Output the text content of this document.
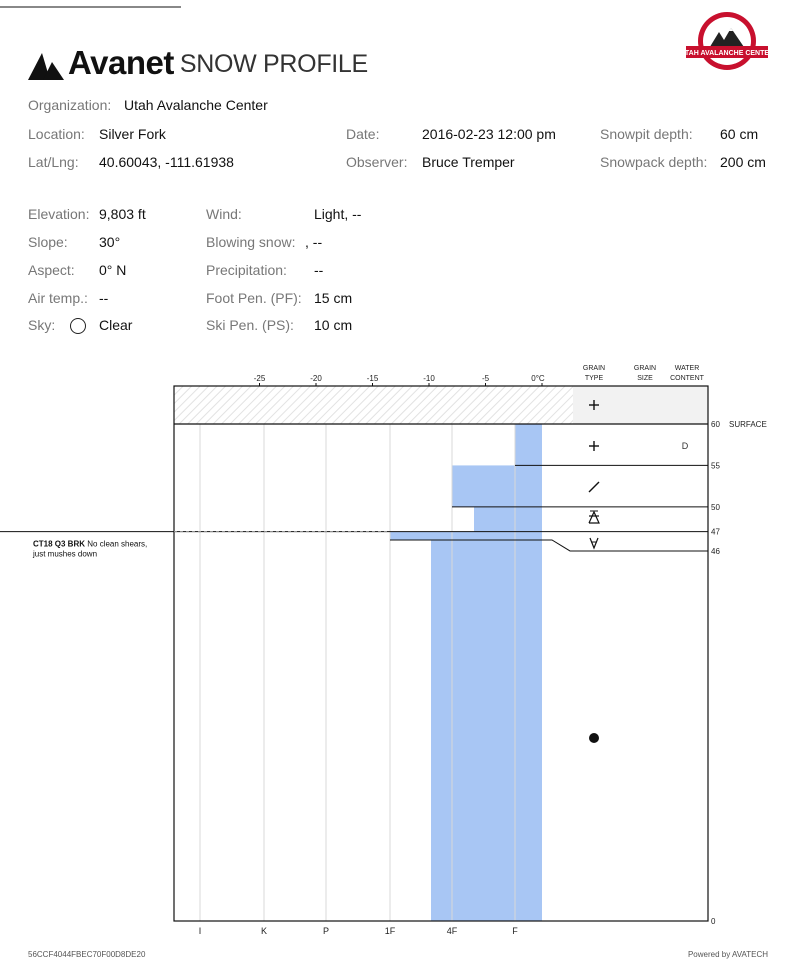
Avanet SNOW PROFILE	UTAH AVALANCHE CENTER
Organization: Utah Avalanche Center
Location: Silver Fork	Date:	2016-02-23 12:00 pm	Snowpit depth: 60 cm
Lat/Lng: 40.60043, -111.61938	Observer: Bruce Tremper	Snowpack depth: 200 cm
Elevation: 9,803 ft
Slope: 30°
Aspect: 0° N
Air temp.: --
Sky:	Clear
Wind:	Light, --
Blowing snow: , --
Precipitation: --
Foot Pen. (PF): 15 cm
Ski Pen. (PS): 10 cm
-25	-20	-15	-10	-5	0°C
I	K	P	1F	4F	F
GRAIN
TYPE
GRAIN
SIZE
WATER
CONTENT
60
55
50
47
46
0
SURFACE
D
CT18 Q3 BRK No clean shears,
just mushes down
56CCF4044FBEC70F00D8DE20	Powered by AVATECH
